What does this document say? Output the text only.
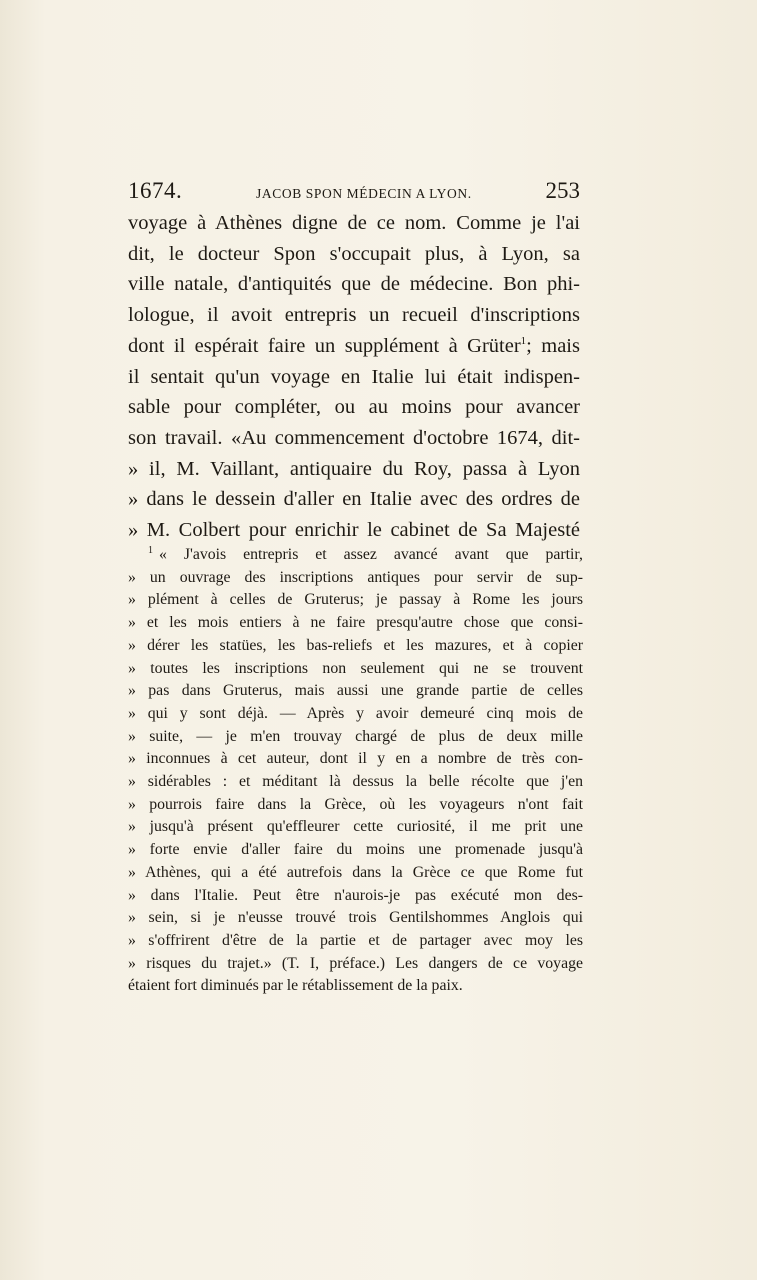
1674.	JACOB SPON MÉDECIN A LYON.	253
voyage à Athènes digne de ce nom. Comme je l'ai
dit, le docteur Spon s'occupait plus, à Lyon, sa
ville natale, d'antiquités que de médecine. Bon phi-
lologue, il avoit entrepris un recueil d'inscriptions
dont il espérait faire un supplément à Grüter$^1$; mais
il sentait qu'un voyage en Italie lui était indispen-
sable pour compléter, ou au moins pour avancer
son travail. «Au commencement d'octobre 1674, dit-
» il, M. Vaillant, antiquaire du Roy, passa à Lyon
» dans le dessein d'aller en Italie avec des ordres de
» M. Colbert pour enrichir le cabinet de Sa Majesté
$^1$ « J'avois entrepris et assez avancé avant que partir,
» un ouvrage des inscriptions antiques pour servir de sup-
» plément à celles de Gruterus; je passay à Rome les jours
» et les mois entiers à ne faire presqu'autre chose que consi-
» dérer les statües, les bas-reliefs et les mazures, et à copier
» toutes les inscriptions non seulement qui ne se trouvent
» pas dans Gruterus, mais aussi une grande partie de celles
» qui y sont déjà. — Après y avoir demeuré cinq mois de
» suite, — je m'en trouvay chargé de plus de deux mille
» inconnues à cet auteur, dont il y en a nombre de très con-
» sidérables : et méditant là dessus la belle récolte que j'en
» pourrois faire dans la Grèce, où les voyageurs n'ont fait
» jusqu'à présent qu'effleurer cette curiosité, il me prit une
» forte envie d'aller faire du moins une promenade jusqu'à
» Athènes, qui a été autrefois dans la Grèce ce que Rome fut
» dans l'Italie. Peut être n'aurois-je pas exécuté mon des-
» sein, si je n'eusse trouvé trois Gentilshommes Anglois qui
» s'offrirent d'être de la partie et de partager avec moy les
» risques du trajet.» (T. I, préface.) Les dangers de ce voyage
étaient fort diminués par le rétablissement de la paix.
